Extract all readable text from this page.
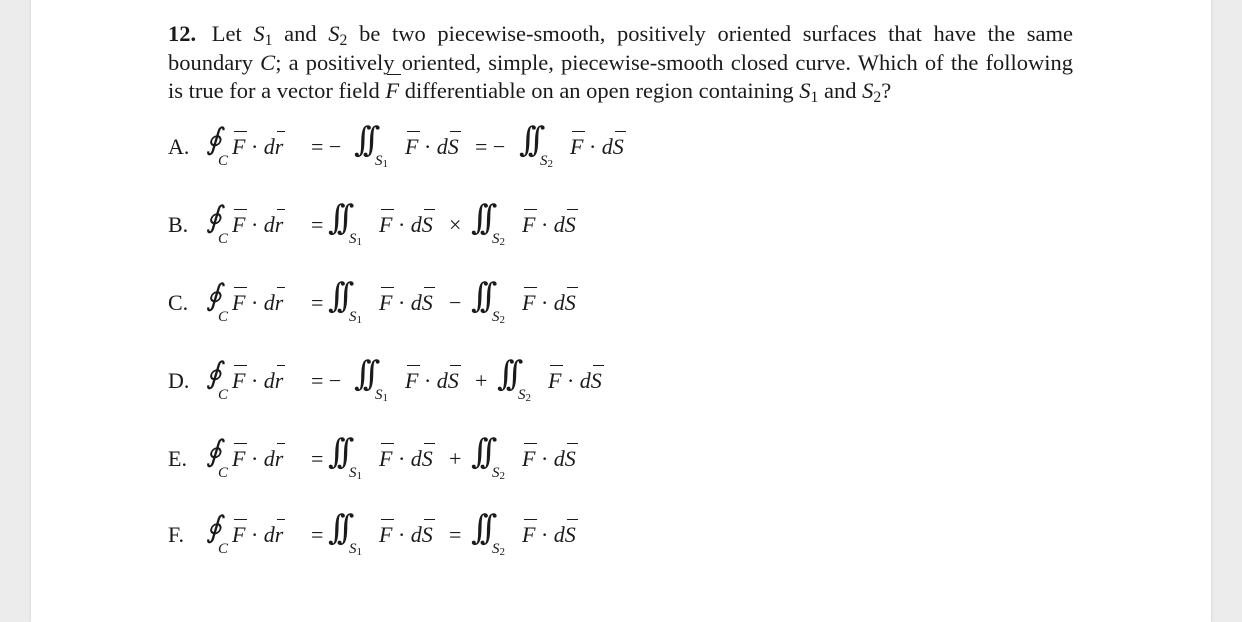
12. Let $S_1$ and $S_2$ be two piecewise-smooth, positively oriented surfaces that have the same boundary C; a positively oriented, simple, piecewise-smooth closed curve. Which of the following is true for a vector field F differentiable on an open region containing $S_1$ and $S_2$?
A. ∮
C
F · dr = − ∫∫
$S_1$
F · dS = − ∫∫
$S_2$
F · dS
B. ∮
C
F · dr = ∫∫
$S_1$
F · dS × ∫∫
$S_2$
F · dS
C. ∮
C
F · dr = ∫∫
$S_1$
F · dS − ∫∫
$S_2$
F · dS
D. ∮
C
F · dr = − ∫∫
$S_1$
F · dS + ∫∫
$S_2$
F · dS
E. ∮
C
F · dr = ∫∫
$S_1$
F · dS + ∫∫
$S_2$
F · dS
F. ∮
C
F · dr = ∫∫
$S_1$
F · dS = ∫∫
$S_2$
F · dS
